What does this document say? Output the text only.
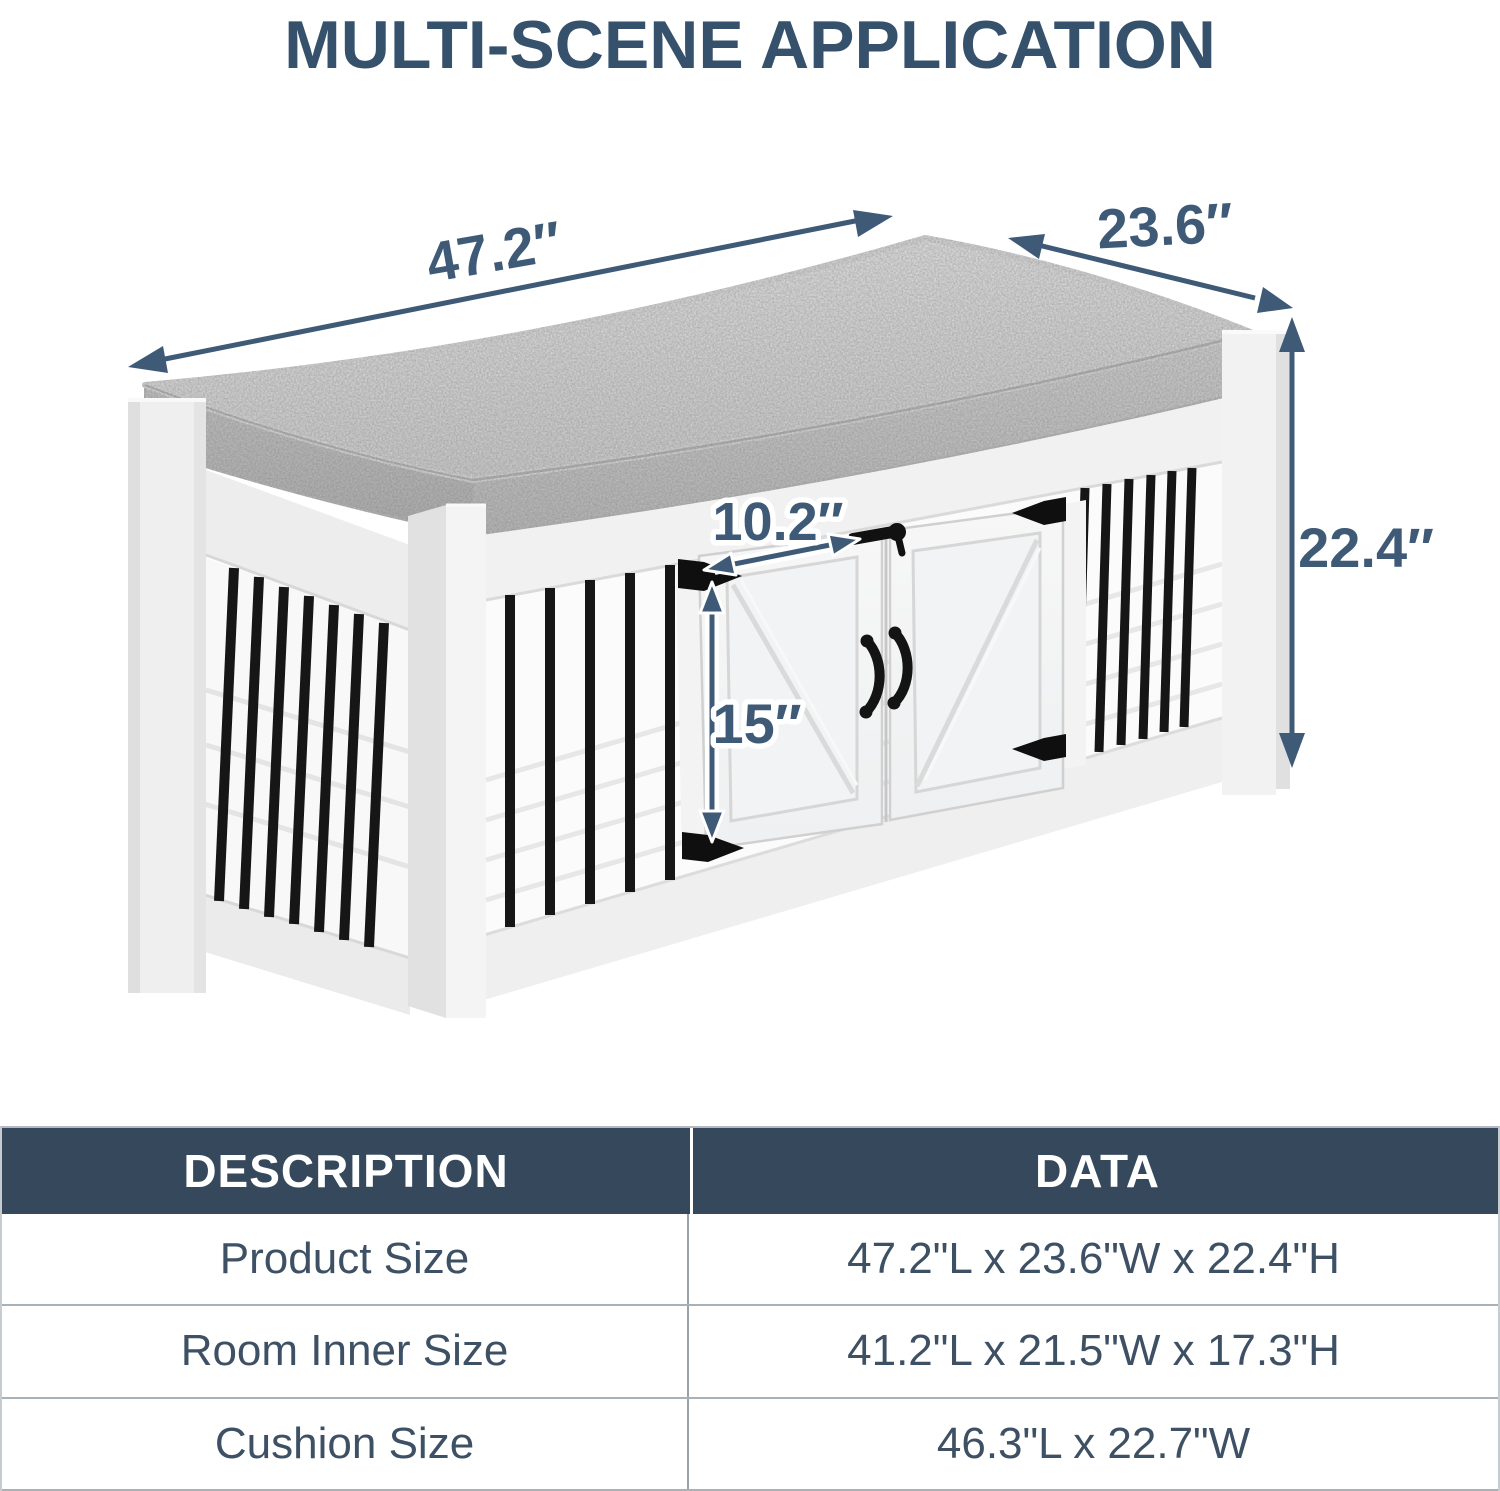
MULTI-SCENE APPLICATION
47.2″	23.6″
22.4″
10.2″
15″
DESCRIPTION	DATA
Product Size	47.2"L x 23.6"W x 22.4"H
Room Inner Size	41.2"L x 21.5"W x 17.3"H
Cushion Size	46.3"L x 22.7"W
